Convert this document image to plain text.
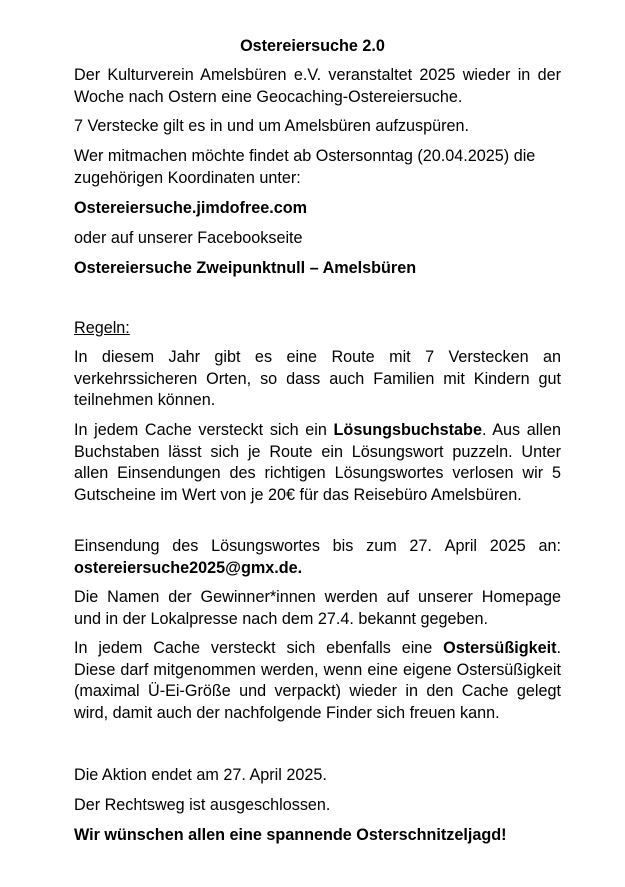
Ostereiersuche 2.0

Der Kulturverein Amelsbüren e.V. veranstaltet 2025 wieder in der Woche nach Ostern eine Geocaching-Ostereiersuche.

7 Verstecke gilt es in und um Amelsbüren aufzuspüren.

Wer mitmachen möchte findet ab Ostersonntag (20.04.2025) die zugehörigen Koordinaten unter:

Ostereiersuche.jimdofree.com

oder auf unserer Facebookseite

Ostereiersuche Zweipunktnull – Amelsbüren

Regeln:

In diesem Jahr gibt es eine Route mit 7 Verstecken an verkehrssicheren Orten, so dass auch Familien mit Kindern gut teilnehmen können.

In jedem Cache versteckt sich ein Lösungsbuchstabe. Aus allen Buchstaben lässt sich je Route ein Lösungswort puzzeln. Unter allen Einsendungen des richtigen Lösungswortes verlosen wir 5 Gutscheine im Wert von je 20€ für das Reisebüro Amelsbüren.

Einsendung des Lösungswortes bis zum 27. April 2025 an:

ostereiersuche2025@gmx.de.

Die Namen der Gewinner*innen werden auf unserer Homepage und in der Lokalpresse nach dem 27.4. bekannt gegeben.

In jedem Cache versteckt sich ebenfalls eine Ostersüßigkeit. Diese darf mitgenommen werden, wenn eine eigene Ostersüßigkeit (maximal Ü-Ei-Größe und verpackt) wieder in den Cache gelegt wird, damit auch der nachfolgende Finder sich freuen kann.

Die Aktion endet am 27. April 2025.

Der Rechtsweg ist ausgeschlossen.

Wir wünschen allen eine spannende Osterschnitzeljagd!
